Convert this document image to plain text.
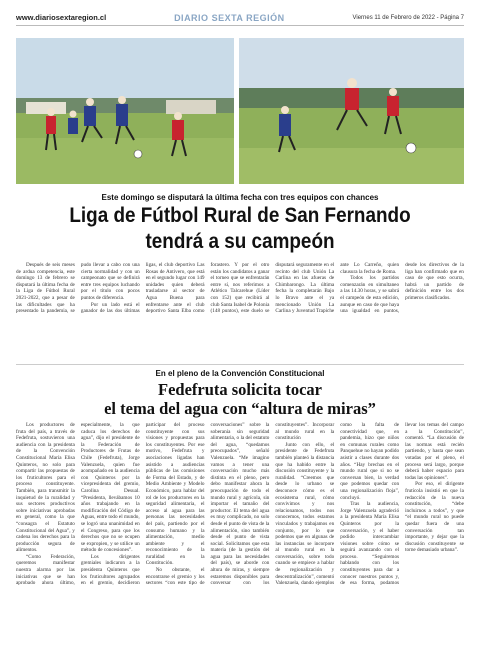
www.diariosextaregion.cl	DIARIO SEXTA REGIÓN	Viernes 11 de Febrero de 2022 - Página 7
Este domingo se disputará la última fecha con tres equipos con chances
Liga de Fútbol Rural de San Fernando
tendrá a su campeón

Después de seis meses de ardua competencia, este domingo 13 de febrero se disputará la última fecha de la Liga de Fútbol Rural 2021-2022, que a pesar de las dificultades que ha presentado la pandemia, se pudo llevar a cabo con una cierta normalidad y con un campeonato que se definirá entre tres equipos luchando por el título con pocos puntos de diferencia.

Por un lado está el ganador de las dos últimas ligas, el club deportivo Las Rosas de Antivero, que está en el segundo lugar con 149 unidades quien deberá trasladarse al sector de Agua Buena para enfrentarse ante el club deportivo Santa Elba como forastero. Y por el otro están los candidatos a ganar el torneo que se enfrentarán entre sí, nos referimos a Atlético Talcarehue (Líder con 152) que recibirá al club Santa Isabel de Polonia (148 puntos), este duelo se disputará seguramente en el recinto del club Unión La Carlina en las afueras de Chimbarongo. La última fecha la completarán Bajo lo Bravo ante el ya mencionado Unión La Carlina y Juventud Trapiche ante Lo Carreño, quien clausura la fecha de Roma.

Todos los partidos comenzarán en simultaneo a las 14.30 horas, y se sabrá el campeón de esta edición, aunque en caso de que haya una igualdad en puntos, desde los directivos de la liga han confirmado que en caso de que esto ocurra, habrá un partido de definición entre los dos primeros clasificados.

En el pleno de la Convención Constitucional
Fedefruta solicita tocar
el tema del agua con “altura de miras”

Los productores de fruta del país, a través de Fedefruta, sostuvieron una audiencia con la presidenta de la Convención Constitucional María Elisa Quinteros, no solo para compartir las propuestas de los fruticultores para el proceso constituyente. También, para transmitir la inquietud de la ruralidad y sus sectores productivos sobre iniciativas aprobadas en general, como la que “consagra el Estatuto Constitucional del Agua”, y cadena los derechos para la producción segura de alimentos.

“Como Federación, queremos manifestar nuestra alarma por las iniciativas que se han aprobado ahora último, especialmente, la que caduca los derechos de agua”, dijo el presidente de la Federación de Productores de Frutas de Chile (Fedefruta), Jorge Valenzuela, quien fue acompañado en la audiencia con Quinteros por la vicepresidenta del gremio, Carolina Desual. “Presidenta, llevábamos 10 años trabajando en la modificación del Código de Aguas, entre todo el mundo, se logró una unanimidad en el Congreso, para que los derechos que no se ocupen se expropien, y se utilice un método de concesiones”.

Los dirigentes gremiales indicaron a la presidenta Quinteros que los fruticultores agrupados en el gremio, decidieron participar del proceso constituyente con sus visiones y propuestas para los constituyentes. Por ese motivo, Fedefruta y asociaciones ligadas han asistido a audiencias públicas de las comisiones de Forma del Estado, y de Medio Ambiente y Modelo Económico, para hablar del rol de los productores en la seguridad alimentaria, el acceso al agua para las personas las necesidades del país, partiendo por el consumo humano y la alimentación, medio ambiente y el reconocimiento de la ruralidad en la Constitución.

No obstante, el encontrarse el gremio y los sectores “con este tipo de conversaciones” sobre la soberanía sin seguridad alimentaria, o la del estatuto del agua, “quedamos preocupados”, señaló Valenzuela. “Me imagino vamos a tener una conversación mucho más distinta en el pleno, pero debo manifestar ahora la preocupación de todo el mundo rural y agrícola, sin importar el tamaño del productor. El tema del agua es muy complicado, no solo desde el punto de vista de la alimentación, sino también desde el punto de vista social. Solicitamos que esta materia (de la gestión del agua para las necesidades del país), se aborde con altura de miras, y siempre estaremos disponibles para conversar con los constituyentes”. Incorporar al mundo rural en la constitución

Junto con ello, el presidente de Fedefruta también planteó la distancia que ha habido entre la discusión constituyente y la ruralidad. “Creemos que desde lo urbano se desconoce cómo es el ecosistema rural, cómo convivimos y nos relacionamos, todos nos conocemos, todos estamos vinculados y trabajamos en conjunto, por lo que podemos que en algunas de las instancias se incorpore al mundo rural en la conversación, sobre todo cuando se empiece a hablar de regionalización y descentralización”, comentó Valenzuela, dando ejemplos como la falta de conectividad que, en pandemia, hizo que niños en comunas rurales como Panquehue no hayan podido asistir a clases durante dos años. “Hay brechas en el mundo rural que si no se conversan bien, la verdad que podemos quedar con una regionalización floja”, concluyó.

Tras la audiencia, Jorge Valenzuela agradeció a la presidenta María Elisa Quinteros por la conversación, y el haber podido intercambiar visiones sobre cómo se seguirá avanzando con el proceso. “Seguiremos hablando con los constituyentes para dar a conocer nuestros puntos y, de esa forma, podamos llevar los temas del campo a la Constitución”, comentó. “La discusión de las normas está recién partiendo, y hasta que sean votadas por el pleno, el proceso será largo, porque deberá haber espacio para todas las opiniones”.

Por eso, el dirigente frutícola insistió en que la redacción de la nueva constitución, “debe incluirnos a todos”, y que “el mundo rural no puede quedar fuera de una conversación tan importante, y dejar que la discusión constituyente se torne demasiado urbana”.
